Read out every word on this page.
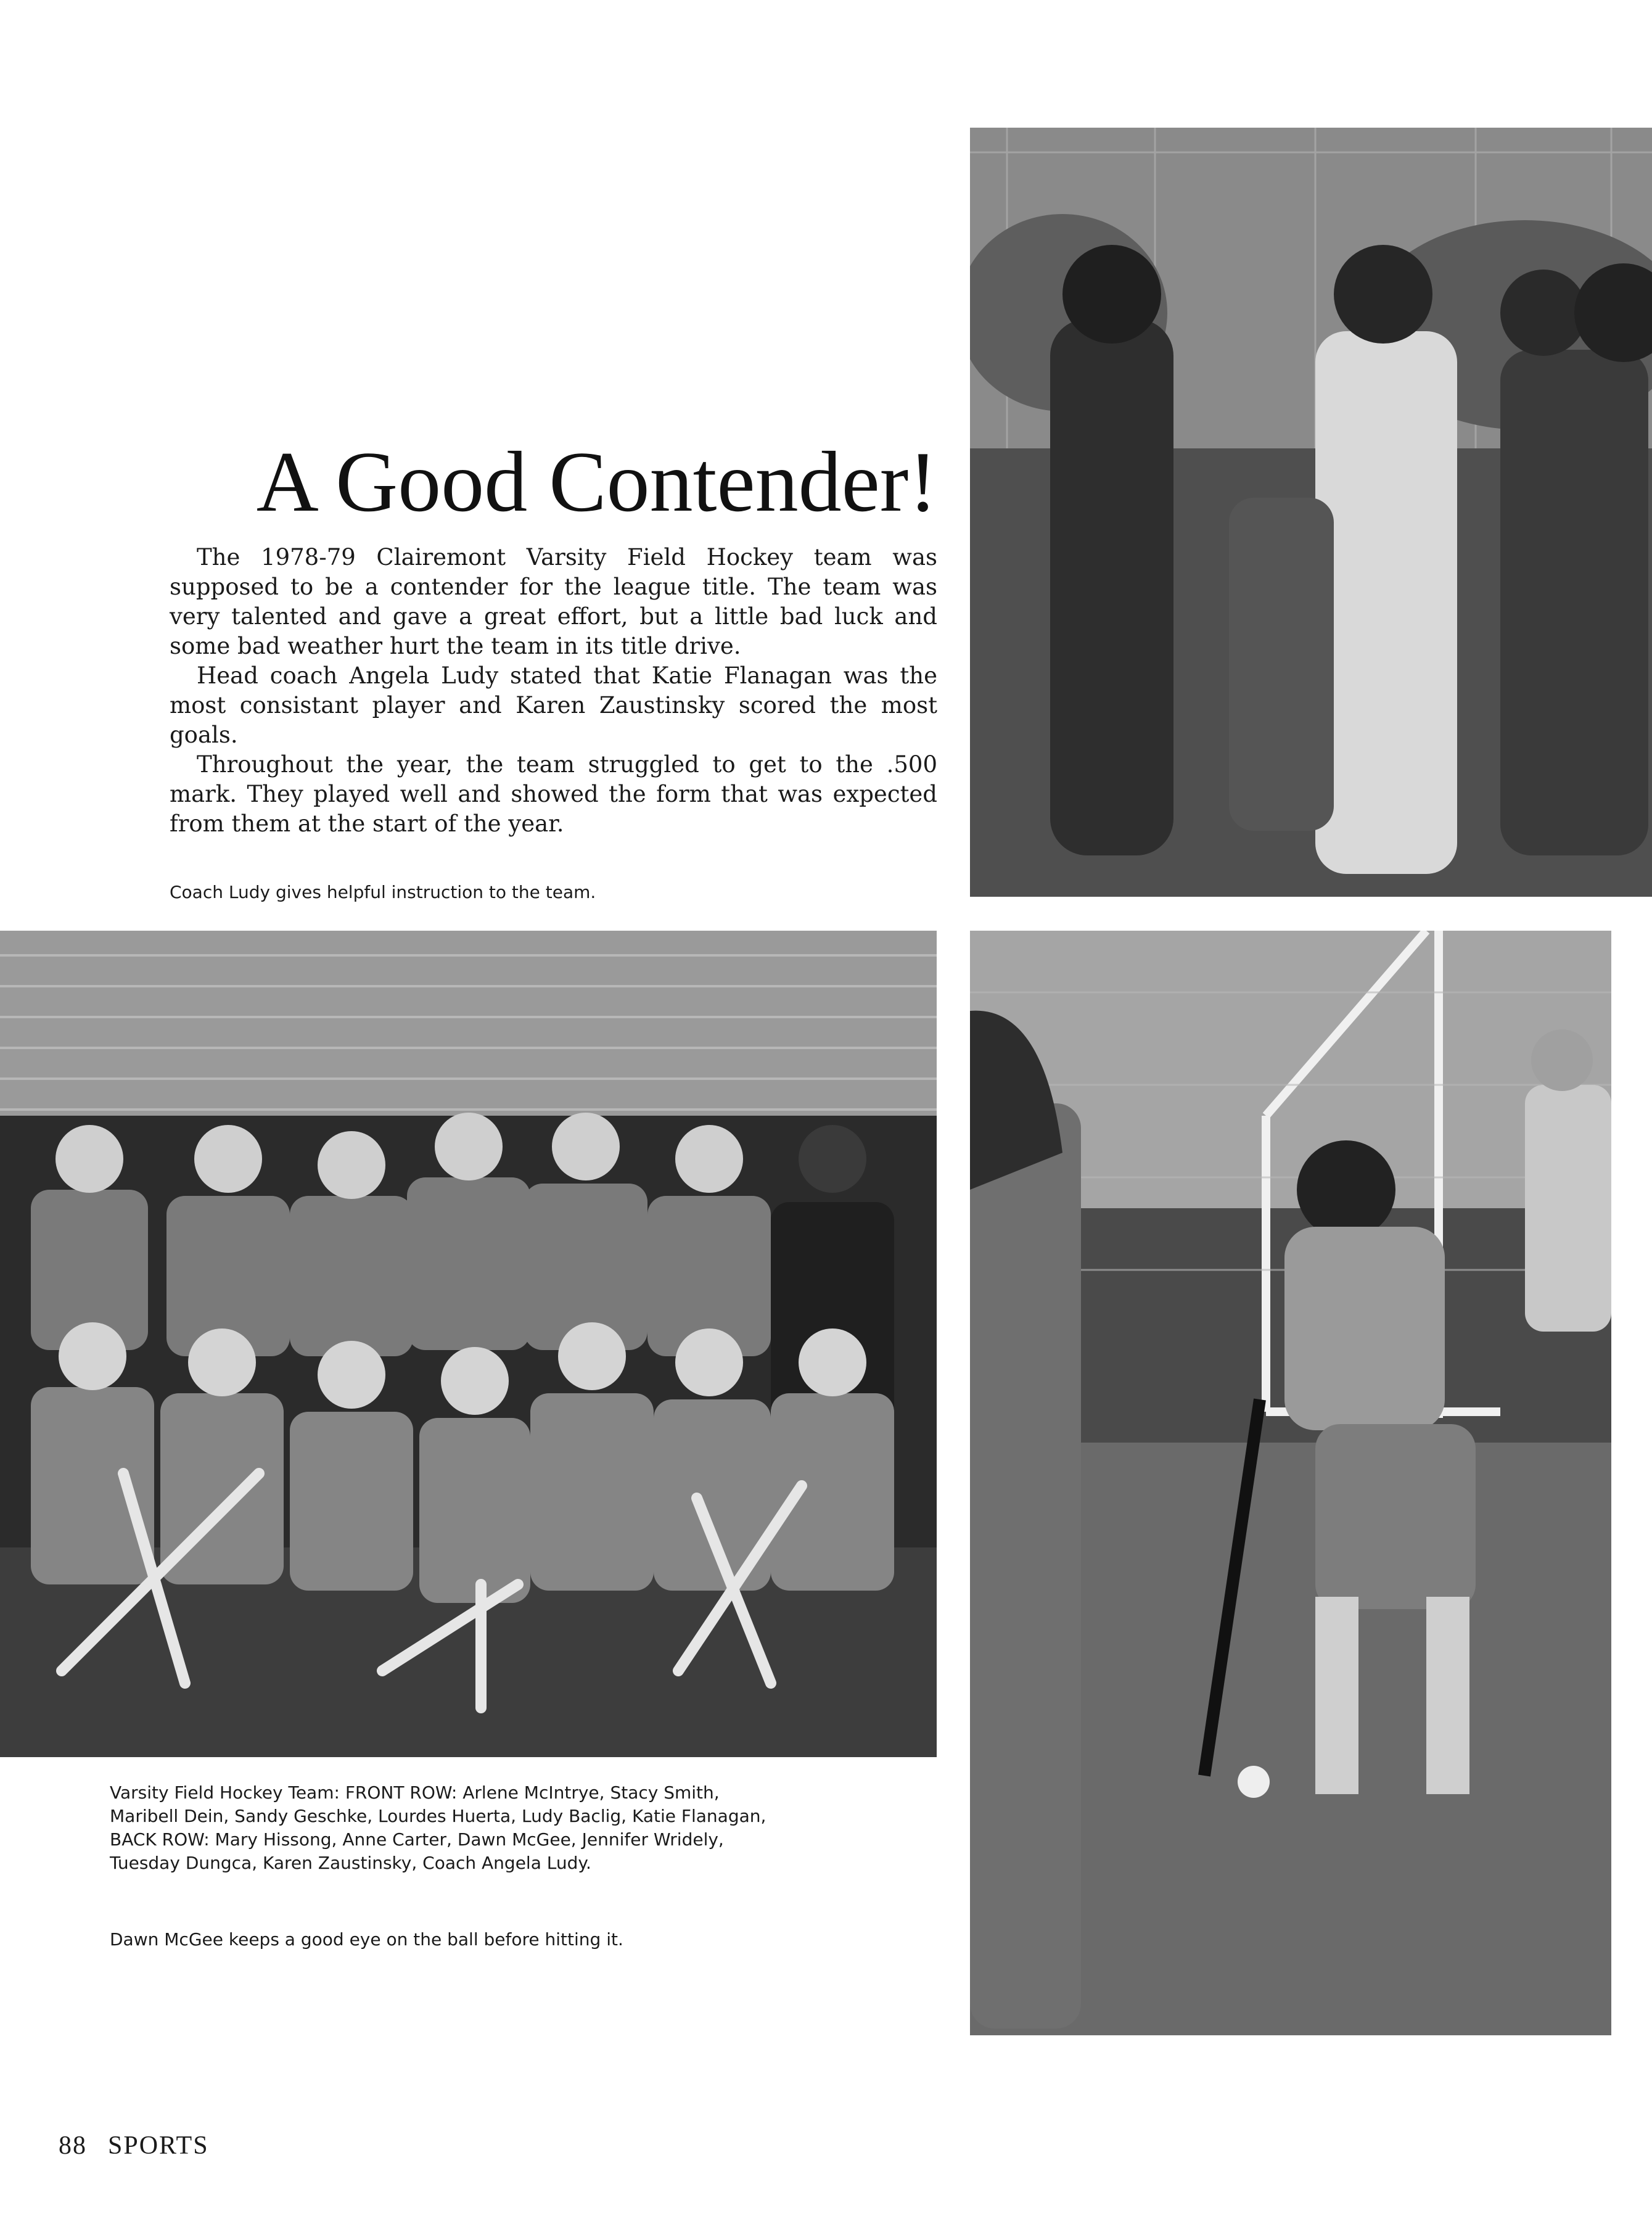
A Good Contender!

The 1978-79 Clairemont Varsity Field Hockey team was supposed to be a contender for the league title. The team was very talented and gave a great effort, but a little bad luck and some bad weather hurt the team in its title drive.

Head coach Angela Ludy stated that Katie Flanagan was the most consistant player and Karen Zaustinsky scored the most goals.

Throughout the year, the team struggled to get to the .500 mark. They played well and showed the form that was expected from them at the start of the year.

Coach Ludy gives helpful instruction to the team.

Varsity Field Hockey Team: FRONT ROW: Arlene McIntrye, Stacy Smith, Maribell Dein, Sandy Geschke, Lourdes Huerta, Ludy Baclig, Katie Flanagan, BACK ROW: Mary Hissong, Anne Carter, Dawn McGee, Jennifer Wridely, Tuesday Dungca, Karen Zaustinsky, Coach Angela Ludy.

Dawn McGee keeps a good eye on the ball before hitting it.

88 SPORTS
